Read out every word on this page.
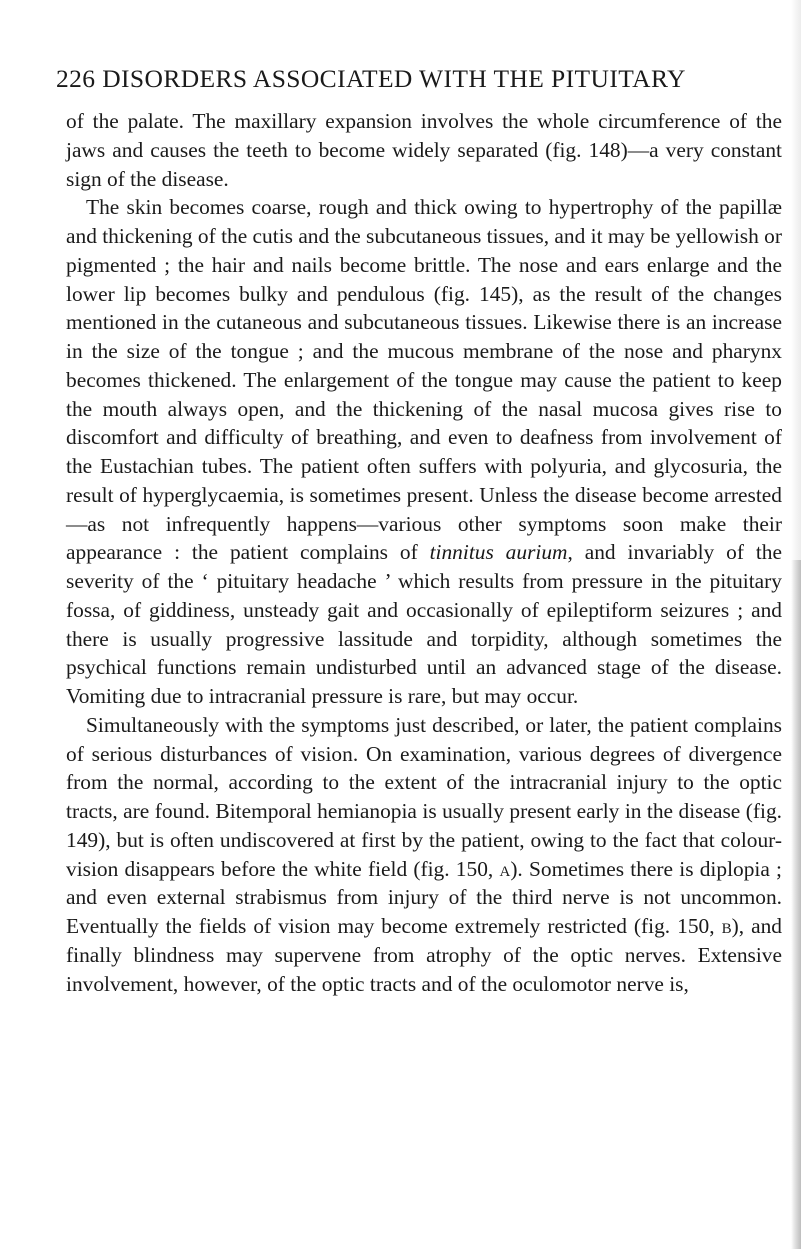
226 DISORDERS ASSOCIATED WITH THE PITUITARY

of the palate. The maxillary expansion involves the whole circumference of the jaws and causes the teeth to become widely separated (fig. 148)—a very constant sign of the disease.

The skin becomes coarse, rough and thick owing to hypertrophy of the papillæ and thickening of the cutis and the subcutaneous tissues, and it may be yellowish or pigmented ; the hair and nails become brittle. The nose and ears enlarge and the lower lip becomes bulky and pendulous (fig. 145), as the result of the changes mentioned in the cutaneous and subcutaneous tissues. Likewise there is an increase in the size of the tongue ; and the mucous membrane of the nose and pharynx becomes thickened. The enlargement of the tongue may cause the patient to keep the mouth always open, and the thickening of the nasal mucosa gives rise to discomfort and difficulty of breathing, and even to deafness from involvement of the Eustachian tubes. The patient often suffers with polyuria, and glycosuria, the result of hyperglycaemia, is sometimes present. Unless the disease become arrested—as not infrequently happens—various other symptoms soon make their appearance : the patient complains of tinnitus aurium, and invariably of the severity of the ‘ pituitary headache ’ which results from pressure in the pituitary fossa, of giddiness, unsteady gait and occasionally of epileptiform seizures ; and there is usually progressive lassitude and torpidity, although sometimes the psychical functions remain undisturbed until an advanced stage of the disease. Vomiting due to intracranial pressure is rare, but may occur.

Simultaneously with the symptoms just described, or later, the patient complains of serious disturbances of vision. On examination, various degrees of divergence from the normal, according to the extent of the intracranial injury to the optic tracts, are found. Bitemporal hemianopia is usually present early in the disease (fig. 149), but is often undiscovered at first by the patient, owing to the fact that colour-vision disappears before the white field (fig. 150, a). Sometimes there is diplopia ; and even external strabismus from injury of the third nerve is not uncommon. Eventually the fields of vision may become extremely restricted (fig. 150, b), and finally blindness may supervene from atrophy of the optic nerves. Extensive involvement, however, of the optic tracts and of the oculomotor nerve is,
